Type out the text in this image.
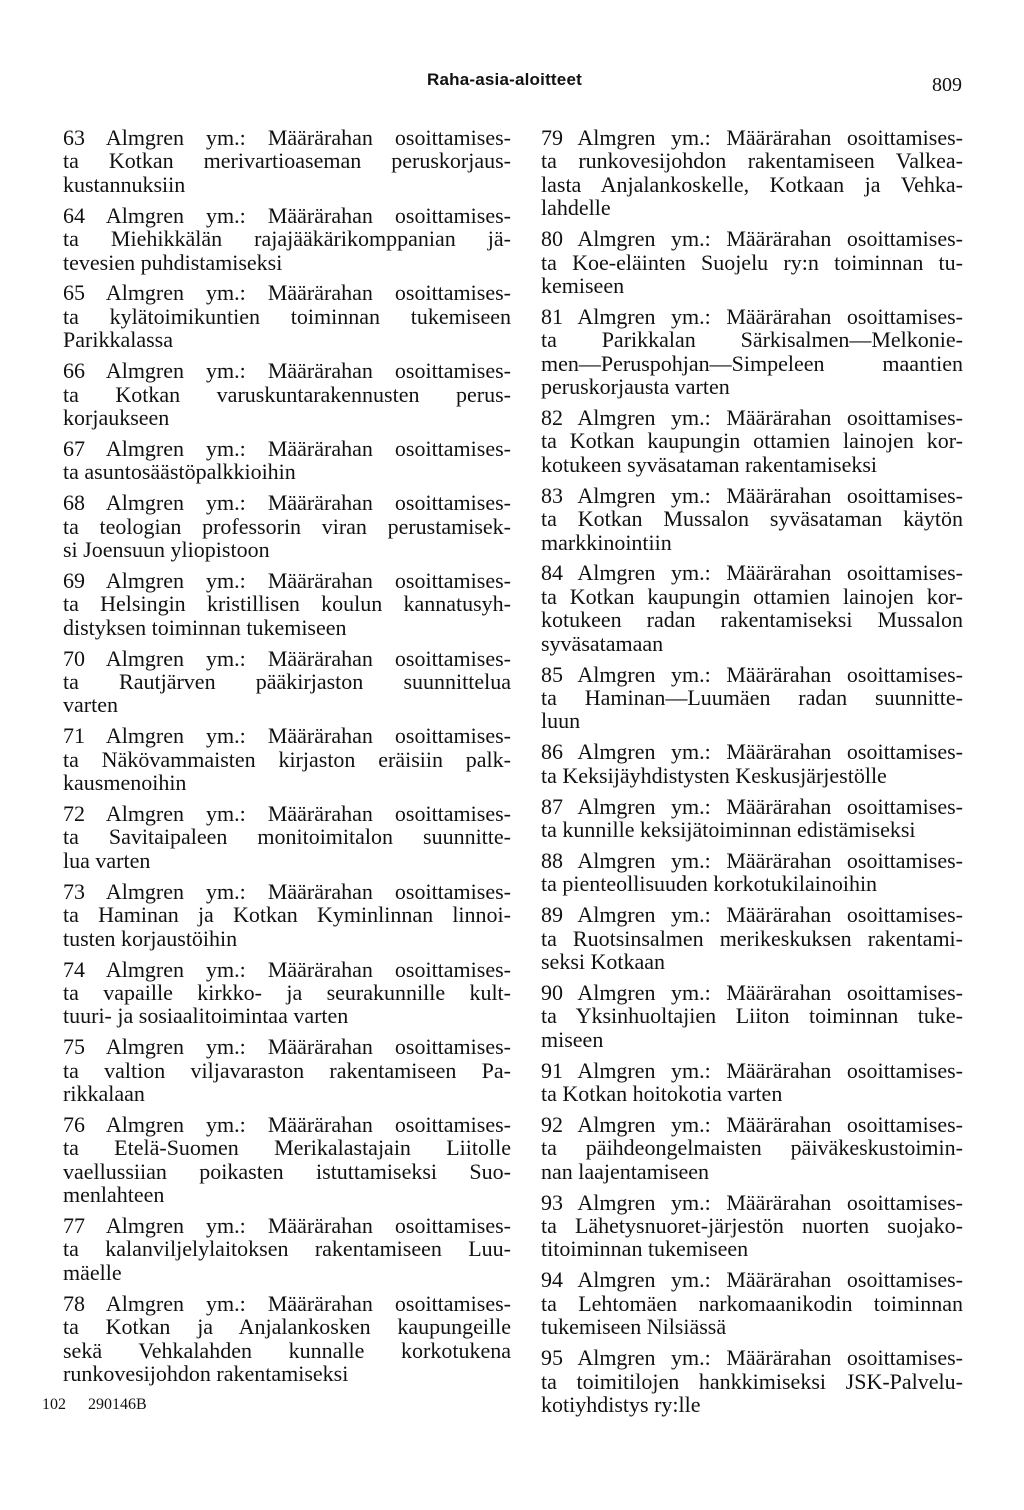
Raha-asia-aloitteet	809
63 Almgren ym.: Määrärahan osoittamises-
ta Kotkan merivartioaseman peruskorjaus-
kustannuksiin
64 Almgren ym.: Määrärahan osoittamises-
ta Miehikkälän rajajääkärikomppanian jä-
tevesien puhdistamiseksi
65 Almgren ym.: Määrärahan osoittamises-
ta kylätoimikuntien toiminnan tukemiseen
Parikkalassa
66 Almgren ym.: Määrärahan osoittamises-
ta Kotkan varuskuntarakennusten perus-
korjaukseen
67 Almgren ym.: Määrärahan osoittamises-
ta asuntosäästöpalkkioihin
68 Almgren ym.: Määrärahan osoittamises-
ta teologian professorin viran perustamisek-
si Joensuun yliopistoon
69 Almgren ym.: Määrärahan osoittamises-
ta Helsingin kristillisen koulun kannatusyh-
distyksen toiminnan tukemiseen
70 Almgren ym.: Määrärahan osoittamises-
ta Rautjärven pääkirjaston suunnittelua
varten
71 Almgren ym.: Määrärahan osoittamises-
ta Näkövammaisten kirjaston eräisiin palk-
kausmenoihin
72 Almgren ym.: Määrärahan osoittamises-
ta Savitaipaleen monitoimitalon suunnitte-
lua varten
73 Almgren ym.: Määrärahan osoittamises-
ta Haminan ja Kotkan Kyminlinnan linnoi-
tusten korjaustöihin
74 Almgren ym.: Määrärahan osoittamises-
ta vapaille kirkko- ja seurakunnille kult-
tuuri- ja sosiaalitoimintaa varten
75 Almgren ym.: Määrärahan osoittamises-
ta valtion viljavaraston rakentamiseen Pa-
rikkalaan
76 Almgren ym.: Määrärahan osoittamises-
ta Etelä-Suomen Merikalastajain Liitolle
vaellussiian poikasten istuttamiseksi Suo-
menlahteen
77 Almgren ym.: Määrärahan osoittamises-
ta kalanviljelylaitoksen rakentamiseen Luu-
mäelle
78 Almgren ym.: Määrärahan osoittamises-
ta Kotkan ja Anjalankosken kaupungeille
sekä Vehkalahden kunnalle korkotukena
runkovesijohdon rakentamiseksi
79 Almgren ym.: Määrärahan osoittamises-
ta runkovesijohdon rakentamiseen Valkea-
lasta Anjalankoskelle, Kotkaan ja Vehka-
lahdelle
80 Almgren ym.: Määrärahan osoittamises-
ta Koe-eläinten Suojelu ry:n toiminnan tu-
kemiseen
81 Almgren ym.: Määrärahan osoittamises-
ta Parikkalan Särkisalmen—Melkonie-
men—Peruspohjan—Simpeleen maantien
peruskorjausta varten
82 Almgren ym.: Määrärahan osoittamises-
ta Kotkan kaupungin ottamien lainojen kor-
kotukeen syväsataman rakentamiseksi
83 Almgren ym.: Määrärahan osoittamises-
ta Kotkan Mussalon syväsataman käytön
markkinointiin
84 Almgren ym.: Määrärahan osoittamises-
ta Kotkan kaupungin ottamien lainojen kor-
kotukeen radan rakentamiseksi Mussalon
syväsatamaan
85 Almgren ym.: Määrärahan osoittamises-
ta Haminan—Luumäen radan suunnitte-
luun
86 Almgren ym.: Määrärahan osoittamises-
ta Keksijäyhdistysten Keskusjärjestölle
87 Almgren ym.: Määrärahan osoittamises-
ta kunnille keksijätoiminnan edistämiseksi
88 Almgren ym.: Määrärahan osoittamises-
ta pienteollisuuden korkotukilainoihin
89 Almgren ym.: Määrärahan osoittamises-
ta Ruotsinsalmen merikeskuksen rakentami-
seksi Kotkaan
90 Almgren ym.: Määrärahan osoittamises-
ta Yksinhuoltajien Liiton toiminnan tuke-
miseen
91 Almgren ym.: Määrärahan osoittamises-
ta Kotkan hoitokotia varten
92 Almgren ym.: Määrärahan osoittamises-
ta päihdeongelmaisten päiväkeskustoimin-
nan laajentamiseen
93 Almgren ym.: Määrärahan osoittamises-
ta Lähetysnuoret-järjestön nuorten suojako-
titoiminnan tukemiseen
94 Almgren ym.: Määrärahan osoittamises-
ta Lehtomäen narkomaanikodin toiminnan
tukemiseen Nilsiässä
95 Almgren ym.: Määrärahan osoittamises-
ta toimitilojen hankkimiseksi JSK-Palvelu-
kotiyhdistys ry:lle
102 290146B
